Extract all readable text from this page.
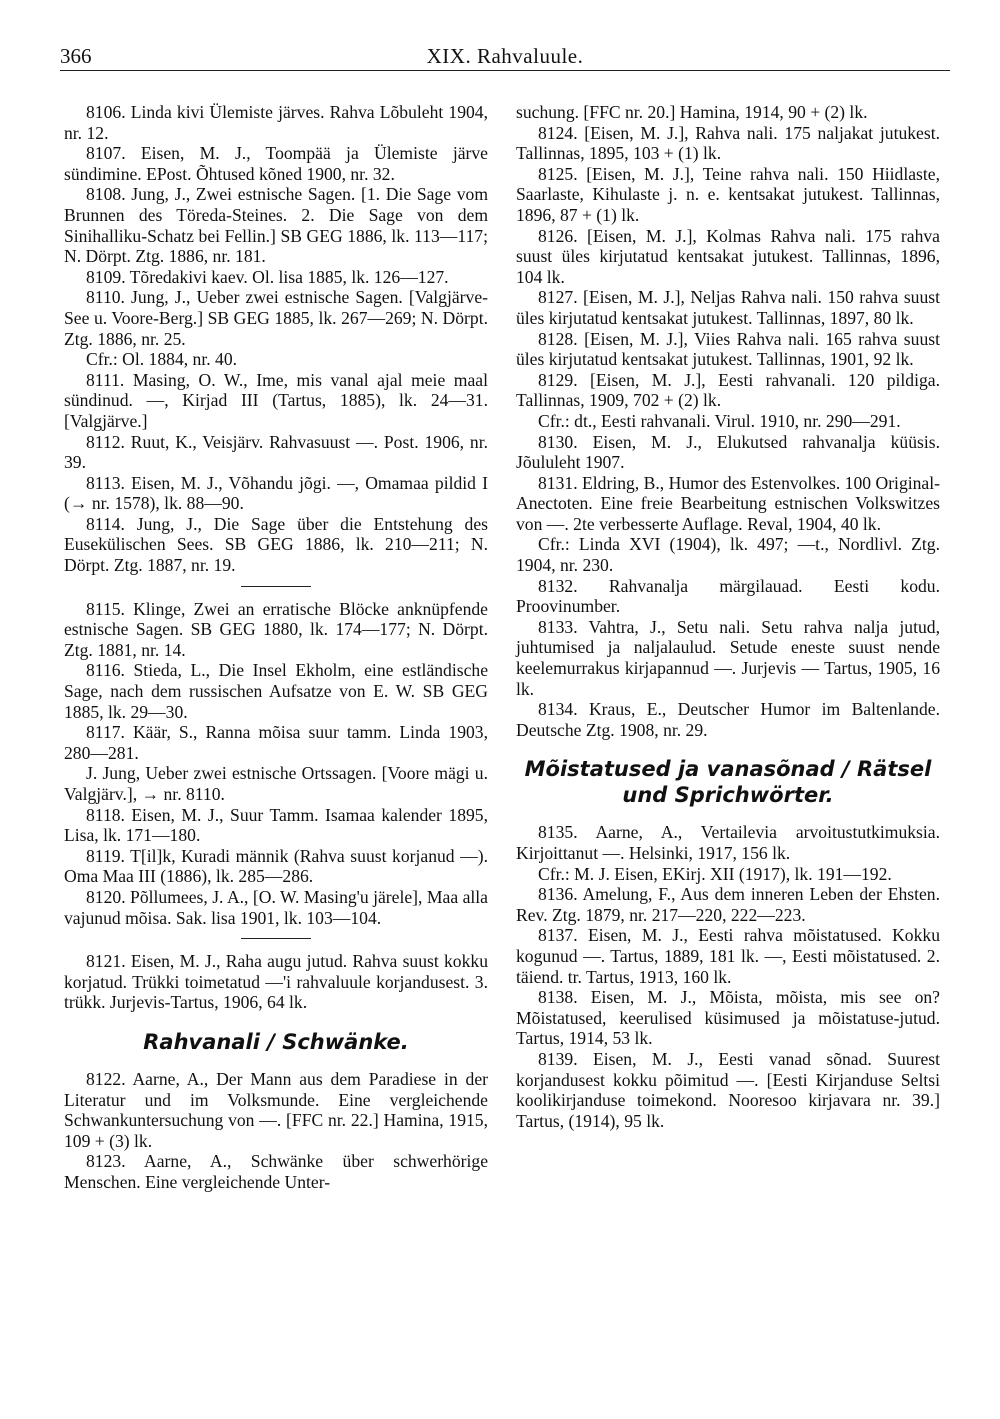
366	XIX. Rahvaluule.

8106. Linda kivi Ülemiste järves. Rahva Lõbuleht 1904, nr. 12.

8107. Eisen, M. J., Toompää ja Ülemiste järve sündimine. EPost. Õhtused kõned 1900, nr. 32.

8108. Jung, J., Zwei estnische Sagen. [1. Die Sage vom Brunnen des Töreda-Steines. 2. Die Sage von dem Sinihalliku-Schatz bei Fellin.] SB GEG 1886, lk. 113—117; N. Dörpt. Ztg. 1886, nr. 181.

8109. Tõredakivi kaev. Ol. lisa 1885, lk. 126—127.

8110. Jung, J., Ueber zwei estnische Sagen. [Valgjärve-See u. Voore-Berg.] SB GEG 1885, lk. 267—269; N. Dörpt. Ztg. 1886, nr. 25.

Cfr.: Ol. 1884, nr. 40.

8111. Masing, O. W., Ime, mis vanal ajal meie maal sündinud. —, Kirjad III (Tartus, 1885), lk. 24—31. [Valgjärve.]

8112. Ruut, K., Veisjärv. Rahvasuust —. Post. 1906, nr. 39.

8113. Eisen, M. J., Võhandu jõgi. —, Omamaa pildid I (→ nr. 1578), lk. 88—90.

8114. Jung, J., Die Sage über die Entstehung des Eusekülischen Sees. SB GEG 1886, lk. 210—211; N. Dörpt. Ztg. 1887, nr. 19.

8115. Klinge, Zwei an erratische Blöcke anknüpfende estnische Sagen. SB GEG 1880, lk. 174—177; N. Dörpt. Ztg. 1881, nr. 14.

8116. Stieda, L., Die Insel Ekholm, eine estländische Sage, nach dem russischen Aufsatze von E. W. SB GEG 1885, lk. 29—30.

8117. Käär, S., Ranna mõisa suur tamm. Linda 1903, 280—281.

J. Jung, Ueber zwei estnische Ortssagen. [Voore mägi u. Valgjärv.], → nr. 8110.

8118. Eisen, M. J., Suur Tamm. Isamaa kalender 1895, Lisa, lk. 171—180.

8119. T[il]k, Kuradi männik (Rahva suust korjanud —). Oma Maa III (1886), lk. 285—286.

8120. Põllumees, J. A., [O. W. Masing'u järele], Maa alla vajunud mõisa. Sak. lisa 1901, lk. 103—104.

8121. Eisen, M. J., Raha augu jutud. Rahva suust kokku korjatud. Trükki toimetatud —'i rahvaluule korjandusest. 3. trükk. Jurjevis-Tartus, 1906, 64 lk.

Rahvanali / Schwänke.

8122. Aarne, A., Der Mann aus dem Paradiese in der Literatur und im Volksmunde. Eine vergleichende Schwankuntersuchung von —. [FFC nr. 22.] Hamina, 1915, 109 + (3) lk.

8123. Aarne, A., Schwänke über schwerhörige Menschen. Eine vergleichende Unter-

suchung. [FFC nr. 20.] Hamina, 1914, 90 + (2) lk.

8124. [Eisen, M. J.], Rahva nali. 175 naljakat jutukest. Tallinnas, 1895, 103 + (1) lk.

8125. [Eisen, M. J.], Teine rahva nali. 150 Hiidlaste, Saarlaste, Kihulaste j. n. e. kentsakat jutukest. Tallinnas, 1896, 87 + (1) lk.

8126. [Eisen, M. J.], Kolmas Rahva nali. 175 rahva suust üles kirjutatud kentsakat jutukest. Tallinnas, 1896, 104 lk.

8127. [Eisen, M. J.], Neljas Rahva nali. 150 rahva suust üles kirjutatud kentsakat jutukest. Tallinnas, 1897, 80 lk.

8128. [Eisen, M. J.], Viies Rahva nali. 165 rahva suust üles kirjutatud kentsakat jutukest. Tallinnas, 1901, 92 lk.

8129. [Eisen, M. J.], Eesti rahvanali. 120 pildiga. Tallinnas, 1909, 702 + (2) lk.

Cfr.: dt., Eesti rahvanali. Virul. 1910, nr. 290—291.

8130. Eisen, M. J., Elukutsed rahvanalja küüsis. Jõululeht 1907.

8131. Eldring, B., Humor des Estenvolkes. 100 Original-Anectoten. Eine freie Bearbeitung estnischen Volkswitzes von —. 2te verbesserte Auflage. Reval, 1904, 40 lk.

Cfr.: Linda XVI (1904), lk. 497; —t., Nordlivl. Ztg. 1904, nr. 230.

8132. Rahvanalja märgilauad. Eesti kodu. Proovinumber.

8133. Vahtra, J., Setu nali. Setu rahva nalja jutud, juhtumised ja naljalaulud. Setude eneste suust nende keelemurrakus kirjapannud —. Jurjevis — Tartus, 1905, 16 lk.

8134. Kraus, E., Deutscher Humor im Baltenlande. Deutsche Ztg. 1908, nr. 29.

Mõistatused ja vanasõnad / Rätsel und Sprichwörter.

8135. Aarne, A., Vertailevia arvoitustutkimuksia. Kirjoittanut —. Helsinki, 1917, 156 lk.

Cfr.: M. J. Eisen, EKirj. XII (1917), lk. 191—192.

8136. Amelung, F., Aus dem inneren Leben der Ehsten. Rev. Ztg. 1879, nr. 217—220, 222—223.

8137. Eisen, M. J., Eesti rahva mõistatused. Kokku kogunud —. Tartus, 1889, 181 lk. —, Eesti mõistatused. 2. täiend. tr. Tartus, 1913, 160 lk.

8138. Eisen, M. J., Mõista, mõista, mis see on? Mõistatused, keerulised küsimused ja mõistatuse-jutud. Tartus, 1914, 53 lk.

8139. Eisen, M. J., Eesti vanad sõnad. Suurest korjandusest kokku põimitud —. [Eesti Kirjanduse Seltsi koolikirjanduse toimekond. Nooresoo kirjavara nr. 39.] Tartus, (1914), 95 lk.
